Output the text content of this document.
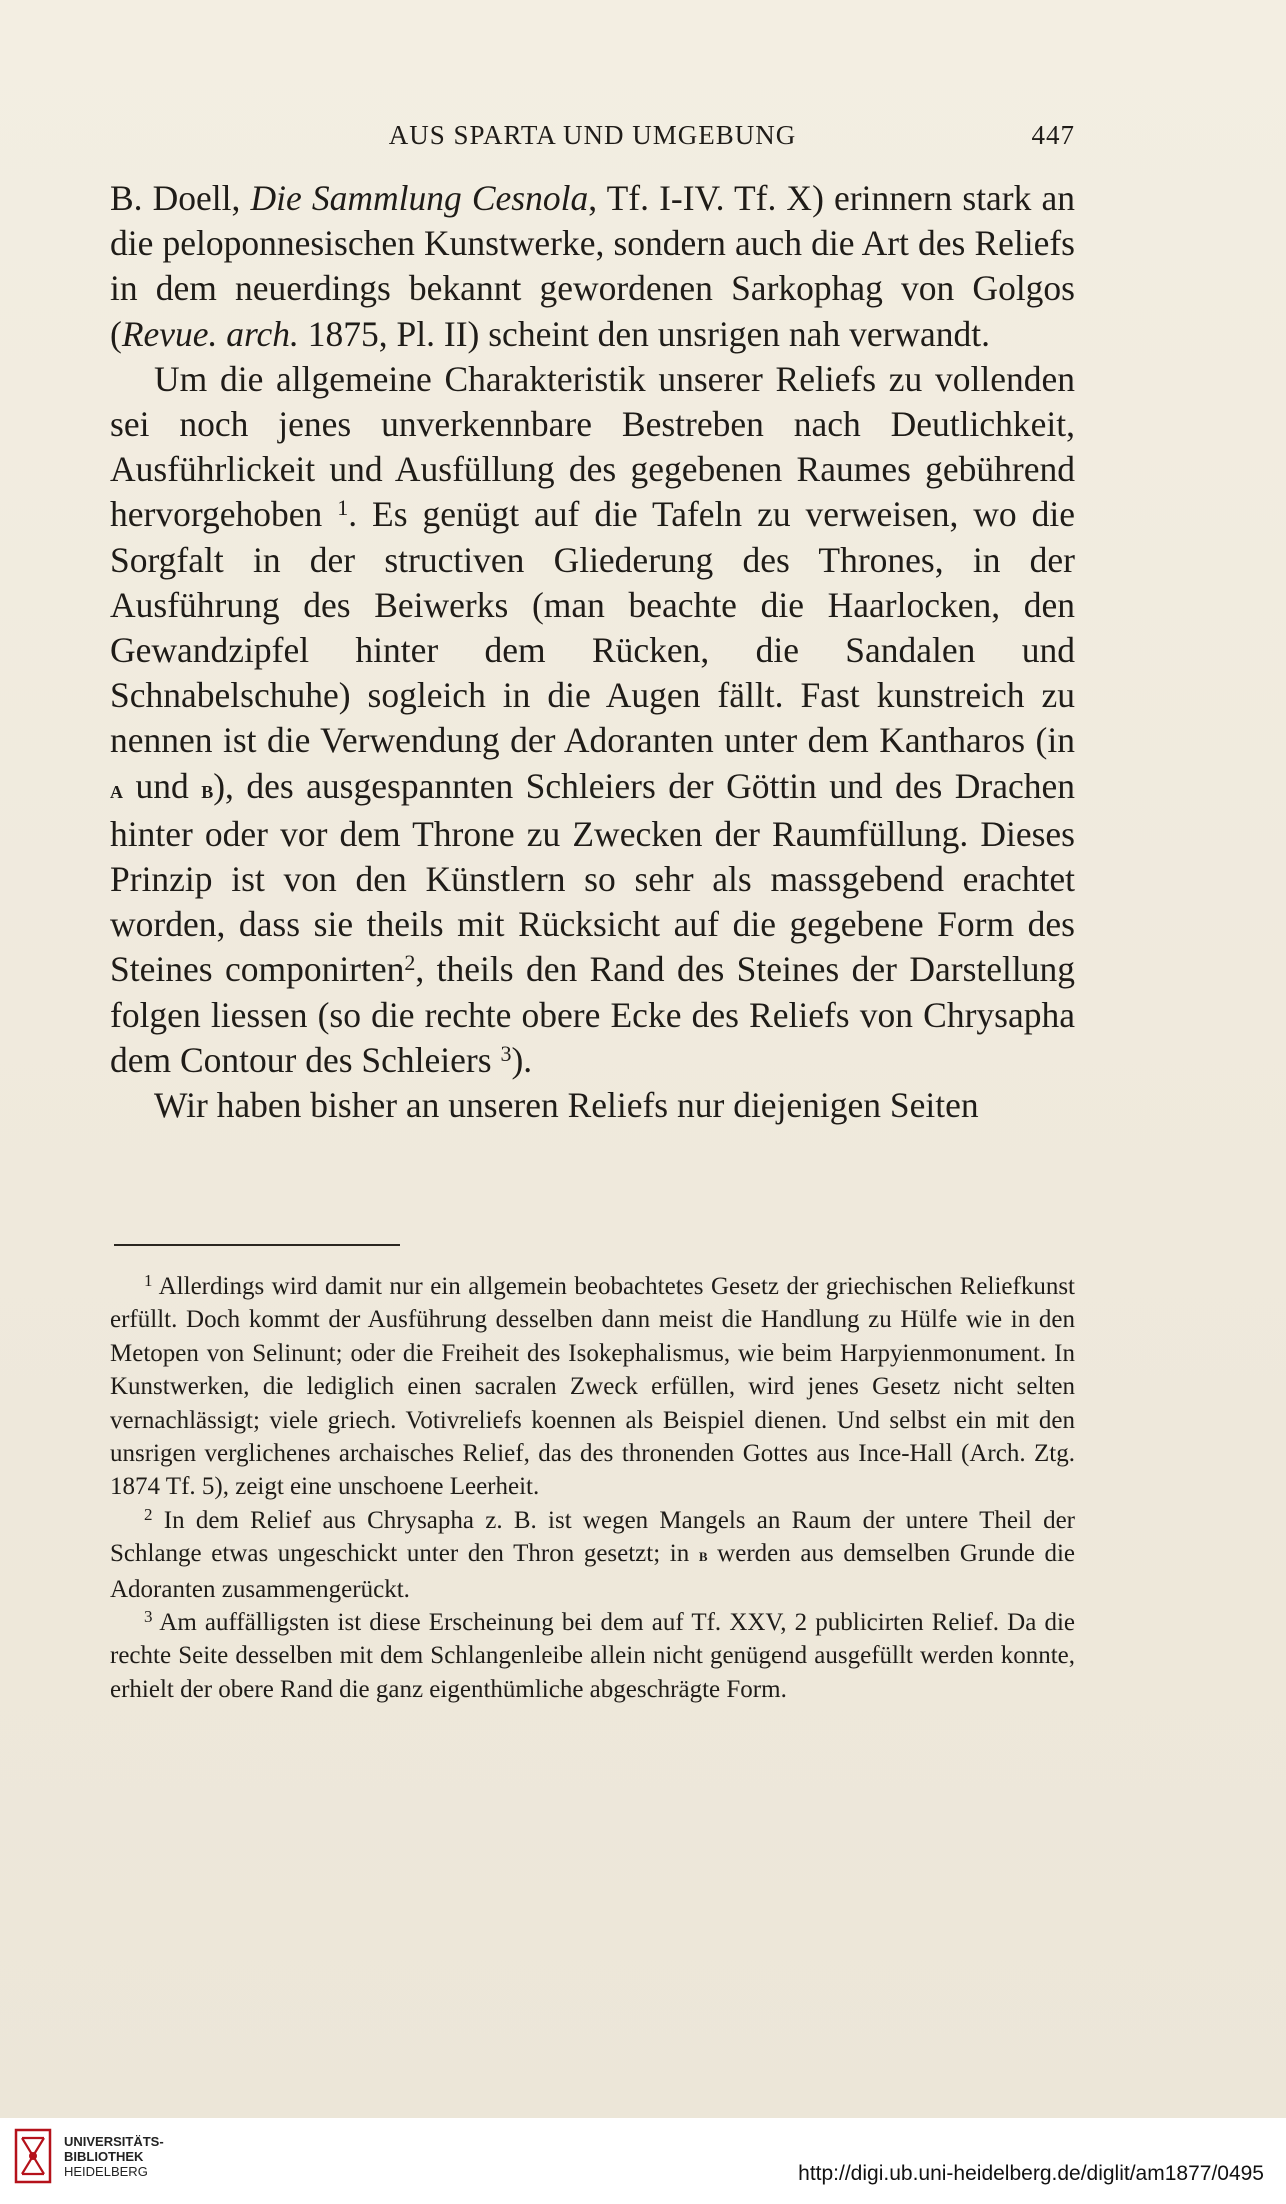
AUS SPARTA UND UMGEBUNG	447

B. Doell, Die Sammlung Cesnola, Tf. I-IV. Tf. X) erinnern stark an die peloponnesischen Kunstwerke, sondern auch die Art des Reliefs in dem neuerdings bekannt gewordenen Sarkophag von Golgos (Revue. arch. 1875, Pl. II) scheint den unsrigen nah verwandt.

Um die allgemeine Charakteristik unserer Reliefs zu vollenden sei noch jenes unverkennbare Bestreben nach Deutlichkeit, Ausführlickeit und Ausfüllung des gegebenen Raumes gebührend hervorgehoben $^1$. Es genügt auf die Tafeln zu verweisen, wo die Sorgfalt in der structiven Gliederung des Thrones, in der Ausführung des Beiwerks (man beachte die Haarlocken, den Gewandzipfel hinter dem Rücken, die Sandalen und Schnabelschuhe) sogleich in die Augen fällt. Fast kunstreich zu nennen ist die Verwendung der Adoranten unter dem Kantharos (in a und b), des ausgespannten Schleiers der Göttin und des Drachen hinter oder vor dem Throne zu Zwecken der Raumfüllung. Dieses Prinzip ist von den Künstlern so sehr als massgebend erachtet worden, dass sie theils mit Rücksicht auf die gegebene Form des Steines componirten$^2$, theils den Rand des Steines der Darstellung folgen liessen (so die rechte obere Ecke des Reliefs von Chrysapha dem Contour des Schleiers $^3$).

Wir haben bisher an unseren Reliefs nur diejenigen Seiten

$^1$ Allerdings wird damit nur ein allgemein beobachtetes Gesetz der griechischen Reliefkunst erfüllt. Doch kommt der Ausführung desselben dann meist die Handlung zu Hülfe wie in den Metopen von Selinunt; oder die Freiheit des Isokephalismus, wie beim Harpyienmonument. In Kunstwerken, die lediglich einen sacralen Zweck erfüllen, wird jenes Gesetz nicht selten vernachlässigt; viele griech. Votivreliefs koennen als Beispiel dienen. Und selbst ein mit den unsrigen verglichenes archaisches Relief, das des thronenden Gottes aus Ince-Hall (Arch. Ztg. 1874 Tf. 5), zeigt eine unschoene Leerheit.

$^2$ In dem Relief aus Chrysapha z. B. ist wegen Mangels an Raum der untere Theil der Schlange etwas ungeschickt unter den Thron gesetzt; in b werden aus demselben Grunde die Adoranten zusammengerückt.

$^3$ Am auffälligsten ist diese Erscheinung bei dem auf Tf. XXV, 2 publicirten Relief. Da die rechte Seite desselben mit dem Schlangenleibe allein nicht genügend ausgefüllt werden konnte, erhielt der obere Rand die ganz eigenthümliche abgeschrägte Form.

UNIVERSITÄTS-
BIBLIOTHEK
HEIDELBERG	http://digi.ub.uni-heidelberg.de/diglit/am1877/0495
